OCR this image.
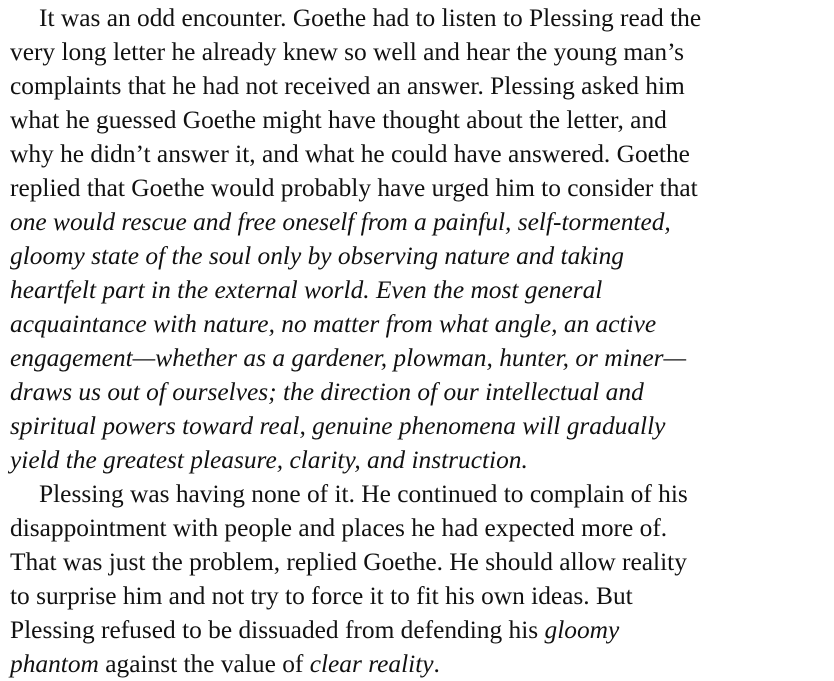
It was an odd encounter. Goethe had to listen to Plessing read the
very long letter he already knew so well and hear the young man’s
complaints that he had not received an answer. Plessing asked him
what he guessed Goethe might have thought about the letter, and
why he didn’t answer it, and what he could have answered. Goethe
replied that Goethe would probably have urged him to consider that
one would rescue and free oneself from a painful, self-tormented,
gloomy state of the soul only by observing nature and taking
heartfelt part in the external world. Even the most general
acquaintance with nature, no matter from what angle, an active
engagement—whether as a gardener, plowman, hunter, or miner—
draws us out of ourselves; the direction of our intellectual and
spiritual powers toward real, genuine phenomena will gradually
yield the greatest pleasure, clarity, and instruction.

Plessing was having none of it. He continued to complain of his
disappointment with people and places he had expected more of.
That was just the problem, replied Goethe. He should allow reality
to surprise him and not try to force it to fit his own ideas. But
Plessing refused to be dissuaded from defending his gloomy
phantom against the value of clear reality.
